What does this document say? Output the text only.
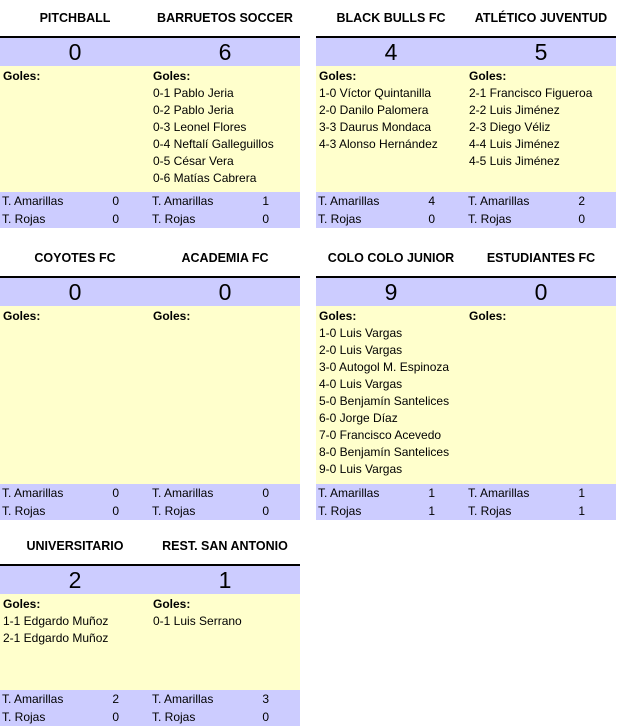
PITCHBALL	BARRUETOS SOCCER
0	6
Goles:	Goles:
0-1 Pablo Jeria
0-2 Pablo Jeria
0-3 Leonel Flores
0-4 Neftalí Galleguillos
0-5 César Vera
0-6 Matías Cabrera
T. Amarillas	0	T. Amarillas	1
T. Rojas	0	T. Rojas	0
BLACK BULLS FC	ATLÉTICO JUVENTUD
4	5
Goles:
1-0 Víctor Quintanilla
2-0 Danilo Palomera
3-3 Daurus Mondaca
4-3 Alonso Hernández
Goles:
2-1 Francisco Figueroa
2-2 Luis Jiménez
2-3 Diego Véliz
4-4 Luis Jiménez
4-5 Luis Jiménez
T. Amarillas	4	T. Amarillas	2
T. Rojas	0	T. Rojas	0
COYOTES FC	ACADEMIA FC
0	0
Goles:	Goles:
T. Amarillas	0	T. Amarillas	0
T. Rojas	0	T. Rojas	0
COLO COLO JUNIOR	ESTUDIANTES FC
9	0
Goles:
1-0 Luis Vargas
2-0 Luis Vargas
3-0 Autogol M. Espinoza
4-0 Luis Vargas
5-0 Benjamín Santelices
6-0 Jorge Díaz
7-0 Francisco Acevedo
8-0 Benjamín Santelices
9-0 Luis Vargas
Goles:
T. Amarillas	1	T. Amarillas	1
T. Rojas	1	T. Rojas	1
UNIVERSITARIO	REST. SAN ANTONIO
2	1
Goles:
1-1 Edgardo Muñoz
2-1 Edgardo Muñoz
Goles:
0-1 Luis Serrano
T. Amarillas	2	T. Amarillas	3
T. Rojas	0	T. Rojas	0
